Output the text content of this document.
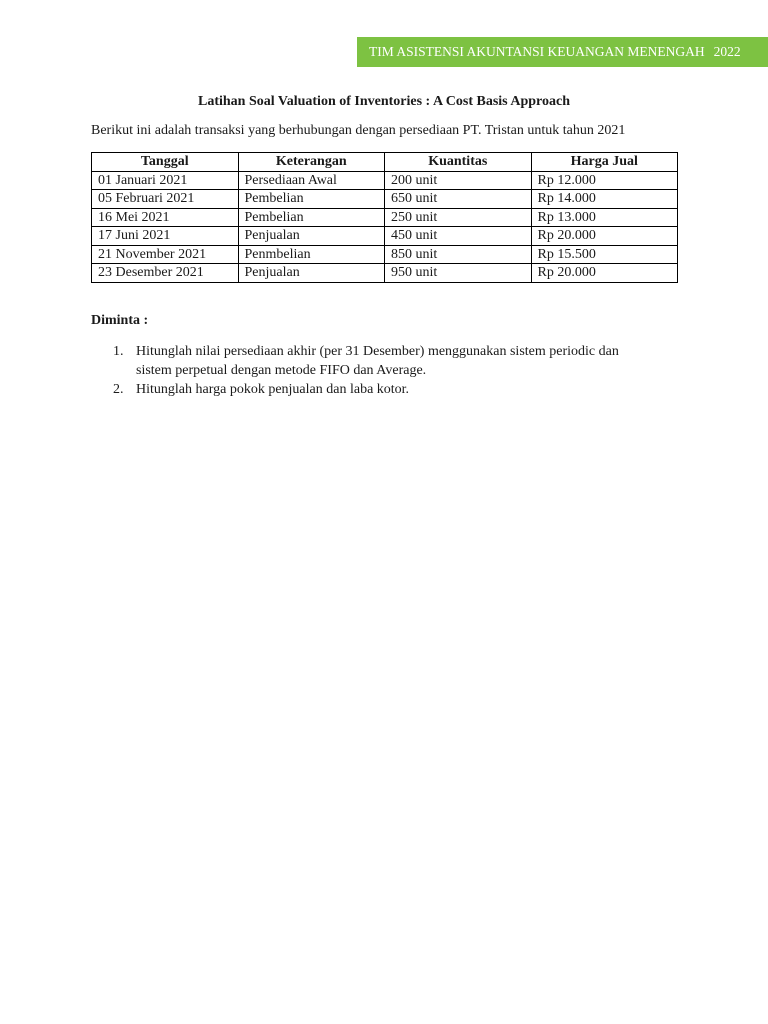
TIM ASISTENSI AKUNTANSI KEUANGAN MENENGAH 2022
Latihan Soal Valuation of Inventories : A Cost Basis Approach
Berikut ini adalah transaksi yang berhubungan dengan persediaan PT. Tristan untuk tahun 2021
Tanggal	Keterangan	Kuantitas	Harga Jual
01 Januari 2021	Persediaan Awal	200 unit	Rp 12.000
05 Februari 2021	Pembelian	650 unit	Rp 14.000
16 Mei 2021	Pembelian	250 unit	Rp 13.000
17 Juni 2021	Penjualan	450 unit	Rp 20.000
21 November 2021	Penmbelian	850 unit	Rp 15.500
23 Desember 2021	Penjualan	950 unit	Rp 20.000
Diminta :
1. Hitunglah nilai persediaan akhir (per 31 Desember) menggunakan sistem periodic dan
sistem perpetual dengan metode FIFO dan Average.
2. Hitunglah harga pokok penjualan dan laba kotor.
